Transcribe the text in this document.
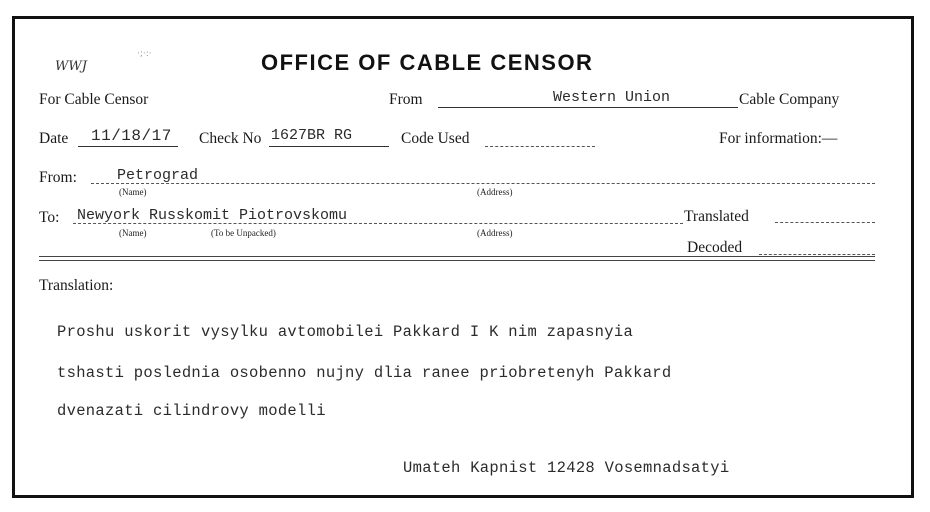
WWJ
·;·:·	OFFICE OF CABLE CENSOR
For Cable Censor	From	Western Union	Cable Company
Date 11/18/17 Check No 1627BR RG	Code Used	For information:—
From:	Petrograd
(Name)	(Address)
To: Newyork Russkomit Piotrovskomu
(Name)	(To be Unpacked)	(Address)
Translated
Decoded
Translation:
Proshu uskorit vysylku avtomobilei Pakkard I K nim zapasnyia
tshasti poslednia osobenno nujny dlia ranee priobretenyh Pakkard
dvenazati cilindrovy modelli
Umateh Kapnist 12428 Vosemnadsatyi
